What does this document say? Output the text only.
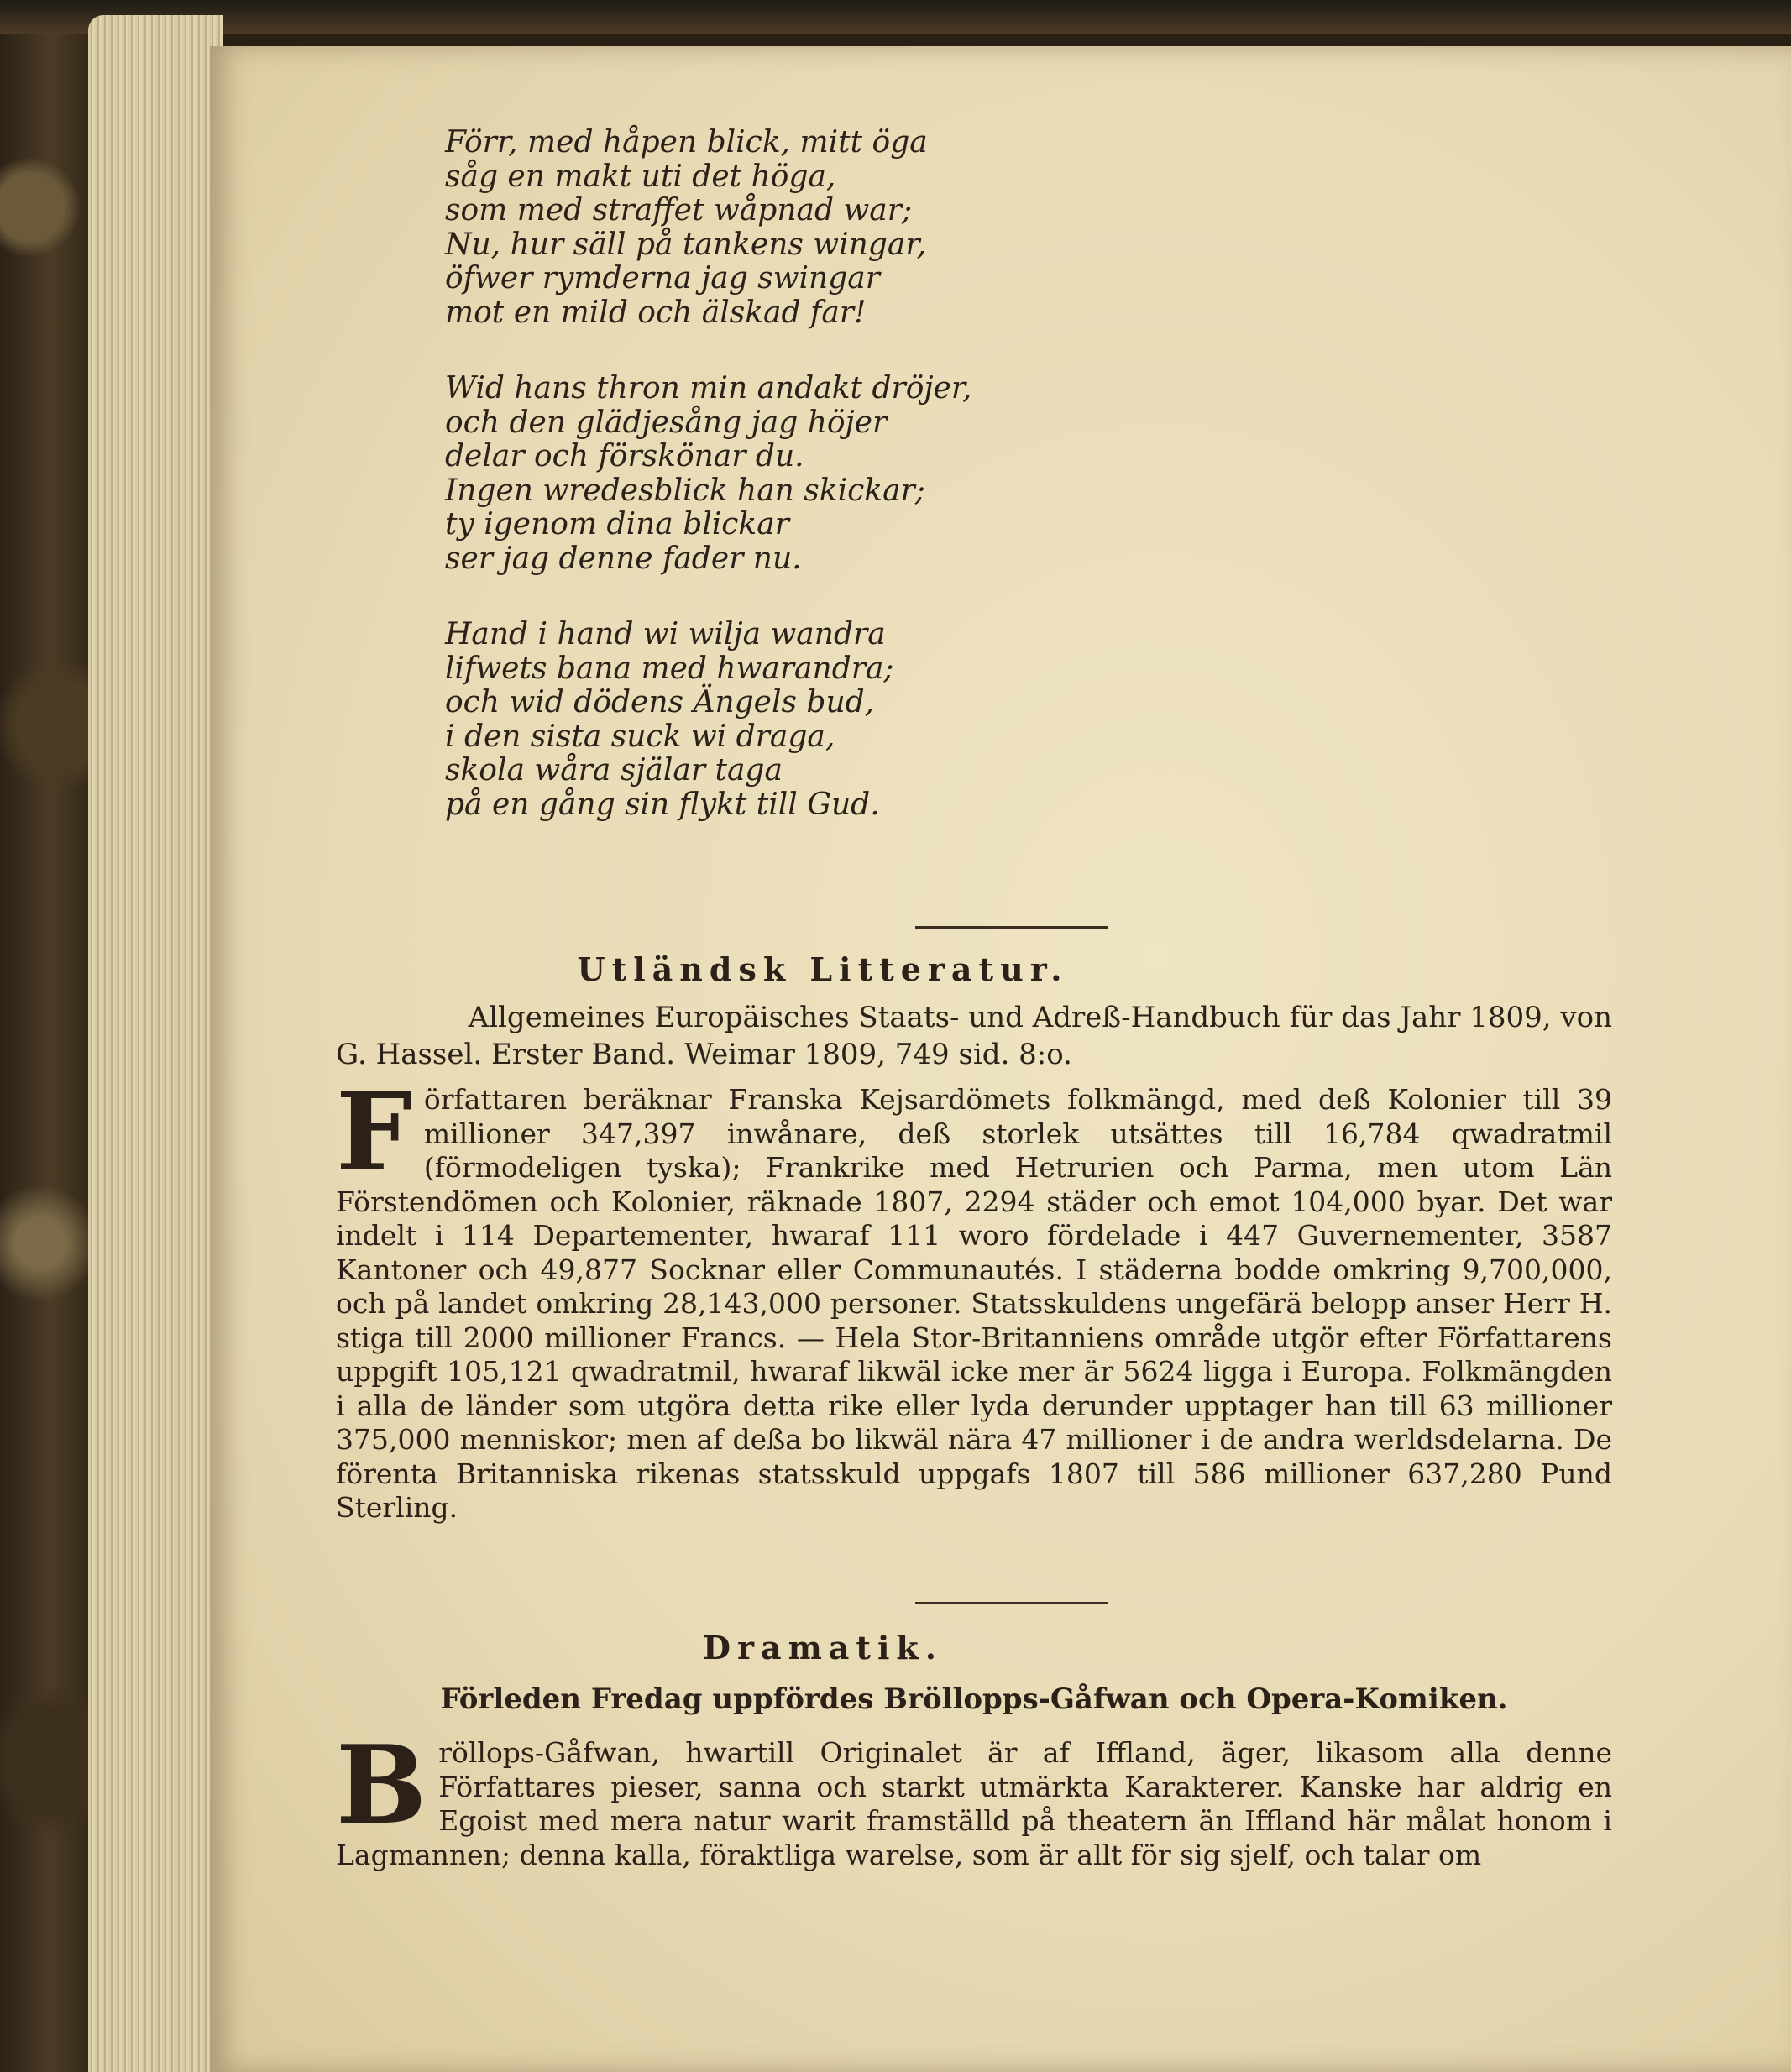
Förr, med håpen blick, mitt öga
såg en makt uti det höga,
som med straffet wåpnad war;
Nu, hur säll på tankens wingar,
öfwer rymderna jag swingar
mot en mild och älskad far!
Wid hans thron min andakt dröjer,
och den glädjesång jag höjer
delar och förskönar du.
Ingen wredesblick han skickar;
ty igenom dina blickar
ser jag denne fader nu.
Hand i hand wi wilja wandra
lifwets bana med hwarandra;
och wid dödens Ängels bud,
i den sista suck wi draga,
skola wåra själar taga
på en gång sin flykt till Gud.
Utländsk Litteratur.
Allgemeines Europäisches Staats- und Adreß-Handbuch für das Jahr 1809, von
G. Hassel. Erster Band. Weimar 1809, 749 sid. 8:o.
Författaren beräknar Franska Kejsardömets folkmängd, med deß Kolonier till 39 millioner 347,397 inwånare, deß storlek utsättes till 16,784 qwadratmil (förmodeligen tyska); Frankrike med Hetrurien och Parma, men utom Län Förstendömen och Kolonier, räknade 1807, 2294 städer och emot 104,000 byar. Det war indelt i 114 Departementer, hwaraf 111 woro fördelade i 447 Guvernementer, 3587 Kantoner och 49,877 Socknar eller Communautés. I städerna bodde omkring 9,700,000, och på landet omkring 28,143,000 personer. Statsskuldens ungefärä belopp anser Herr H. stiga till 2000 millioner Francs. — Hela Stor-Britanniens område utgör efter Författarens uppgift 105,121 qwadratmil, hwaraf likwäl icke mer är 5624 ligga i Europa. Folkmängden i alla de länder som utgöra detta rike eller lyda derunder upptager han till 63 millioner 375,000 menniskor; men af deßa bo likwäl nära 47 millioner i de andra werldsdelarna. De förenta Britanniska rikenas statsskuld uppgafs 1807 till 586 millioner 637,280 Pund Sterling.
Dramatik.
Förleden Fredag uppfördes Bröllopps-Gåfwan och Opera-Komiken.
Bröllops-Gåfwan, hwartill Originalet är af Iffland, äger, likasom alla denne Författares pieser, sanna och starkt utmärkta Karakterer. Kanske har aldrig en Egoist med mera natur warit framställd på theatern än Iffland här målat honom i Lagmannen; denna kalla, föraktliga warelse, som är allt för sig sjelf, och talar om
